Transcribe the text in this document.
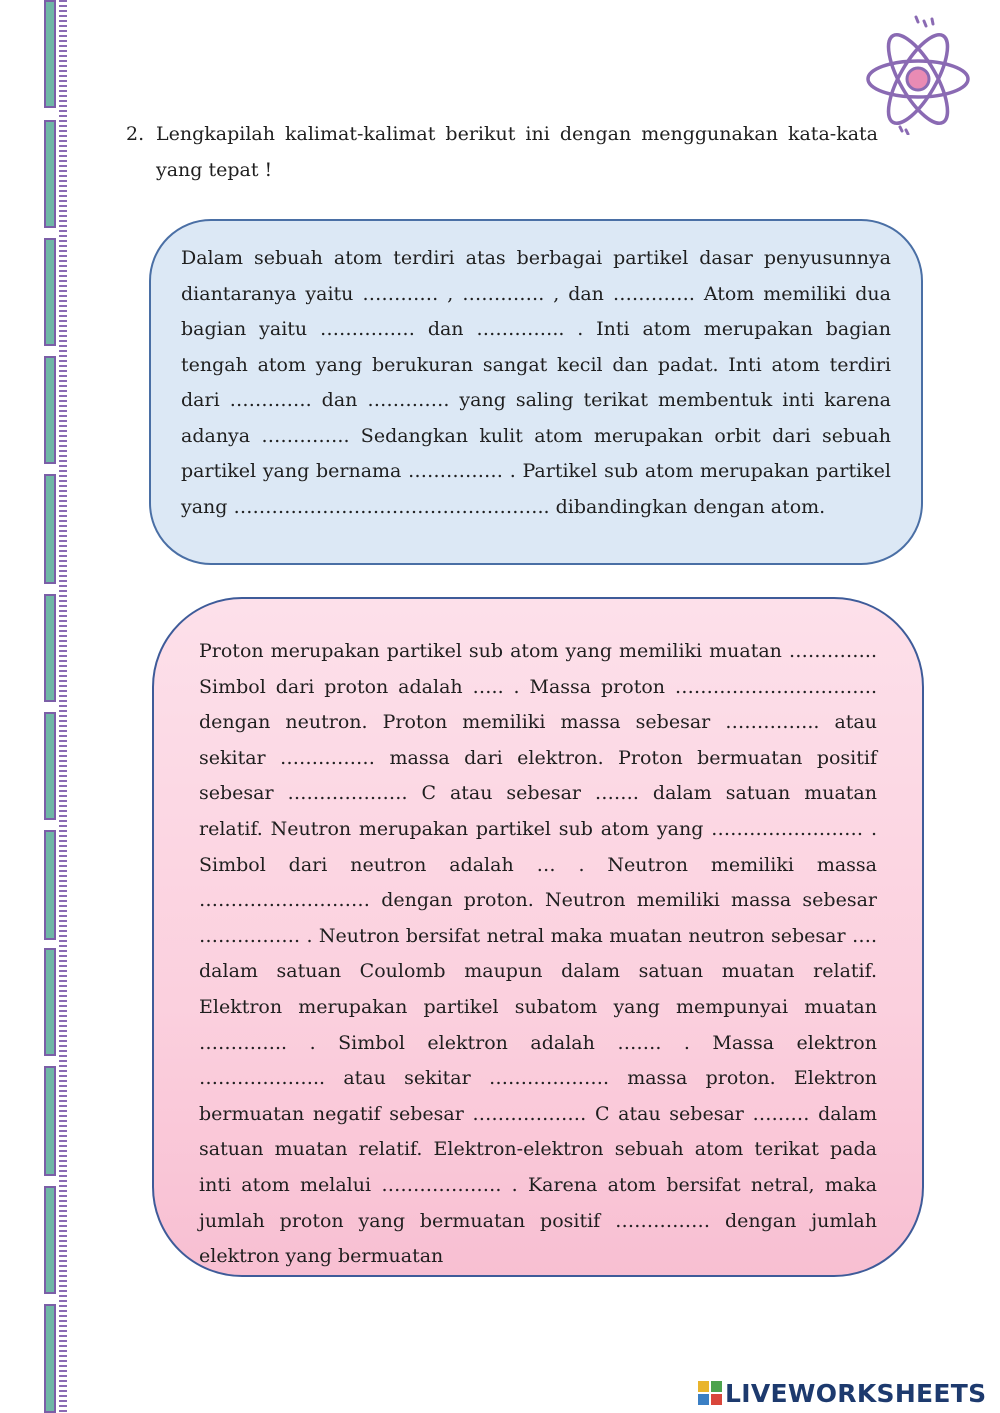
2. Lengkapilah kalimat-kalimat berikut ini dengan menggunakan kata-kata yang tepat !
Dalam sebuah atom terdiri atas berbagai partikel dasar penyusunnya diantaranya yaitu ………… , …………. , dan …………. Atom memiliki dua bagian yaitu …………… dan ………….. . Inti atom merupakan bagian tengah atom yang berukuran sangat kecil dan padat. Inti atom terdiri dari …………. dan …………. yang saling terikat membentuk inti karena adanya ………….. Sedangkan kulit atom merupakan orbit dari sebuah partikel yang bernama …………… . Partikel sub atom merupakan partikel yang ………………………………………….. dibandingkan dengan atom.
Proton merupakan partikel sub atom yang memiliki muatan ………….. Simbol dari proton adalah ….. . Massa proton ………………………….. dengan neutron. Proton memiliki massa sebesar …………... atau sekitar …………… massa dari elektron. Proton bermuatan positif sebesar ………………. C atau sebesar ……. dalam satuan muatan relatif. Neutron merupakan partikel sub atom yang …………………… . Simbol dari neutron adalah … . Neutron memiliki massa ……………………… dengan proton. Neutron memiliki massa sebesar ……………. . Neutron bersifat netral maka muatan neutron sebesar …. dalam satuan Coulomb maupun dalam satuan muatan relatif. Elektron merupakan partikel subatom yang mempunyai muatan ………….. . Simbol elektron adalah ……. . Massa elektron ……………….. atau sekitar ………………. massa proton. Elektron bermuatan negatif sebesar ……………… C atau sebesar ……… dalam satuan muatan relatif. Elektron-elektron sebuah atom terikat pada inti atom melalui ………………. . Karena atom bersifat netral, maka jumlah proton yang bermuatan positif …………… dengan jumlah elektron yang bermuatan
LIVEWORKSHEETS
